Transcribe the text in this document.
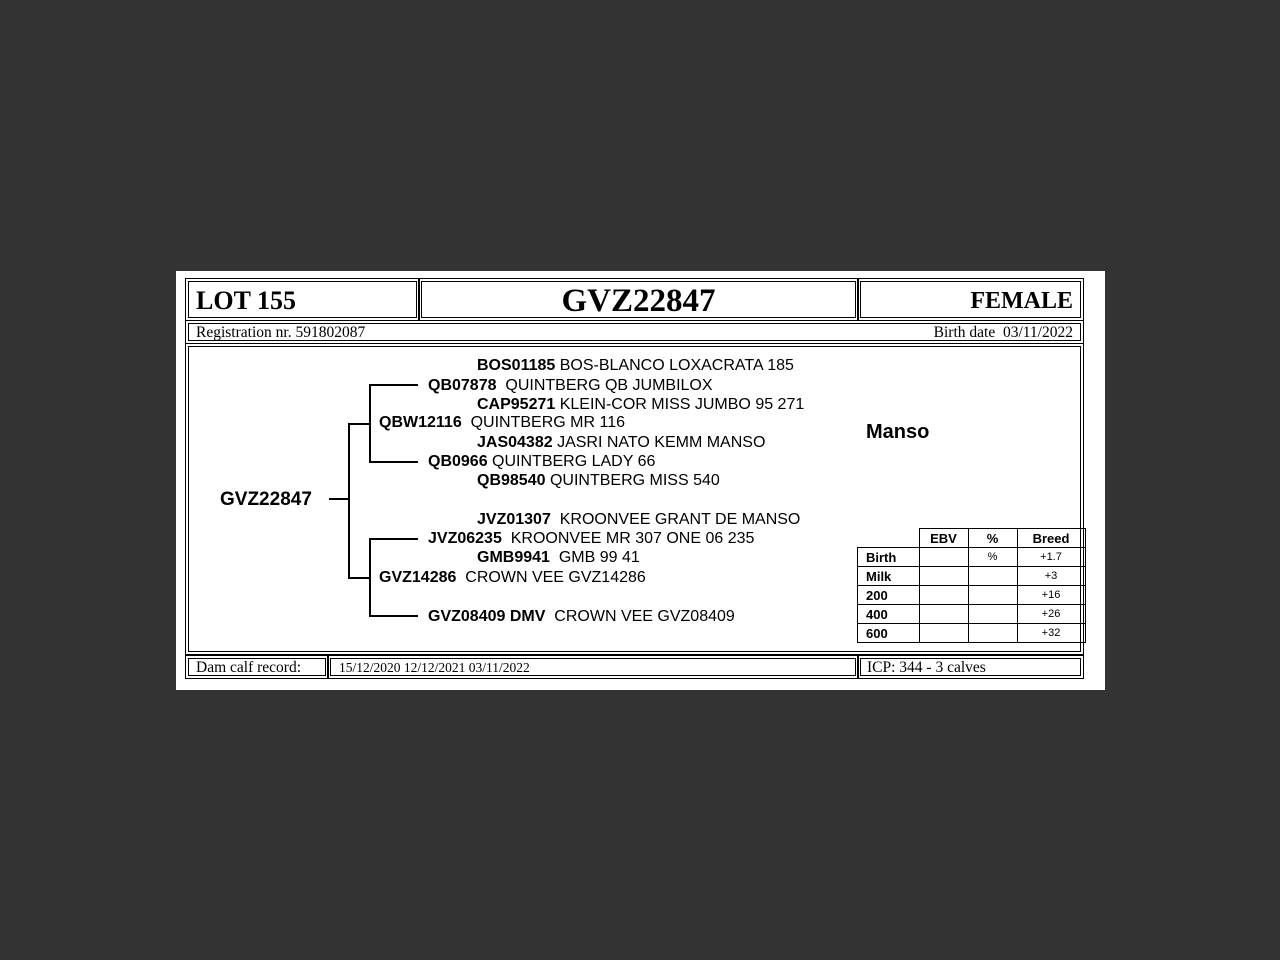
LOT 155	GVZ22847	FEMALE
Registration nr. 591802087	Birth date 03/11/2022
GVZ22847
BOS01185 BOS-BLANCO LOXACRATA 185
QB07878 QUINTBERG QB JUMBILOX
CAP95271 KLEIN-COR MISS JUMBO 95 271
QBW12116 QUINTBERG MR 116
JAS04382 JASRI NATO KEMM MANSO
QB0966 QUINTBERG LADY 66
QB98540 QUINTBERG MISS 540
JVZ01307 KROONVEE GRANT DE MANSO
JVZ06235 KROONVEE MR 307 ONE 06 235
GMB9941 GMB 99 41
GVZ14286 CROWN VEE GVZ14286
GVZ08409 DMV CROWN VEE GVZ08409
Manso
	EBV	%	Breed
Birth		%	+1.7
Milk			+3
200			+16
400			+26
600			+32
Dam calf record:	15/12/2020 12/12/2021 03/11/2022	ICP: 344 - 3 calves
